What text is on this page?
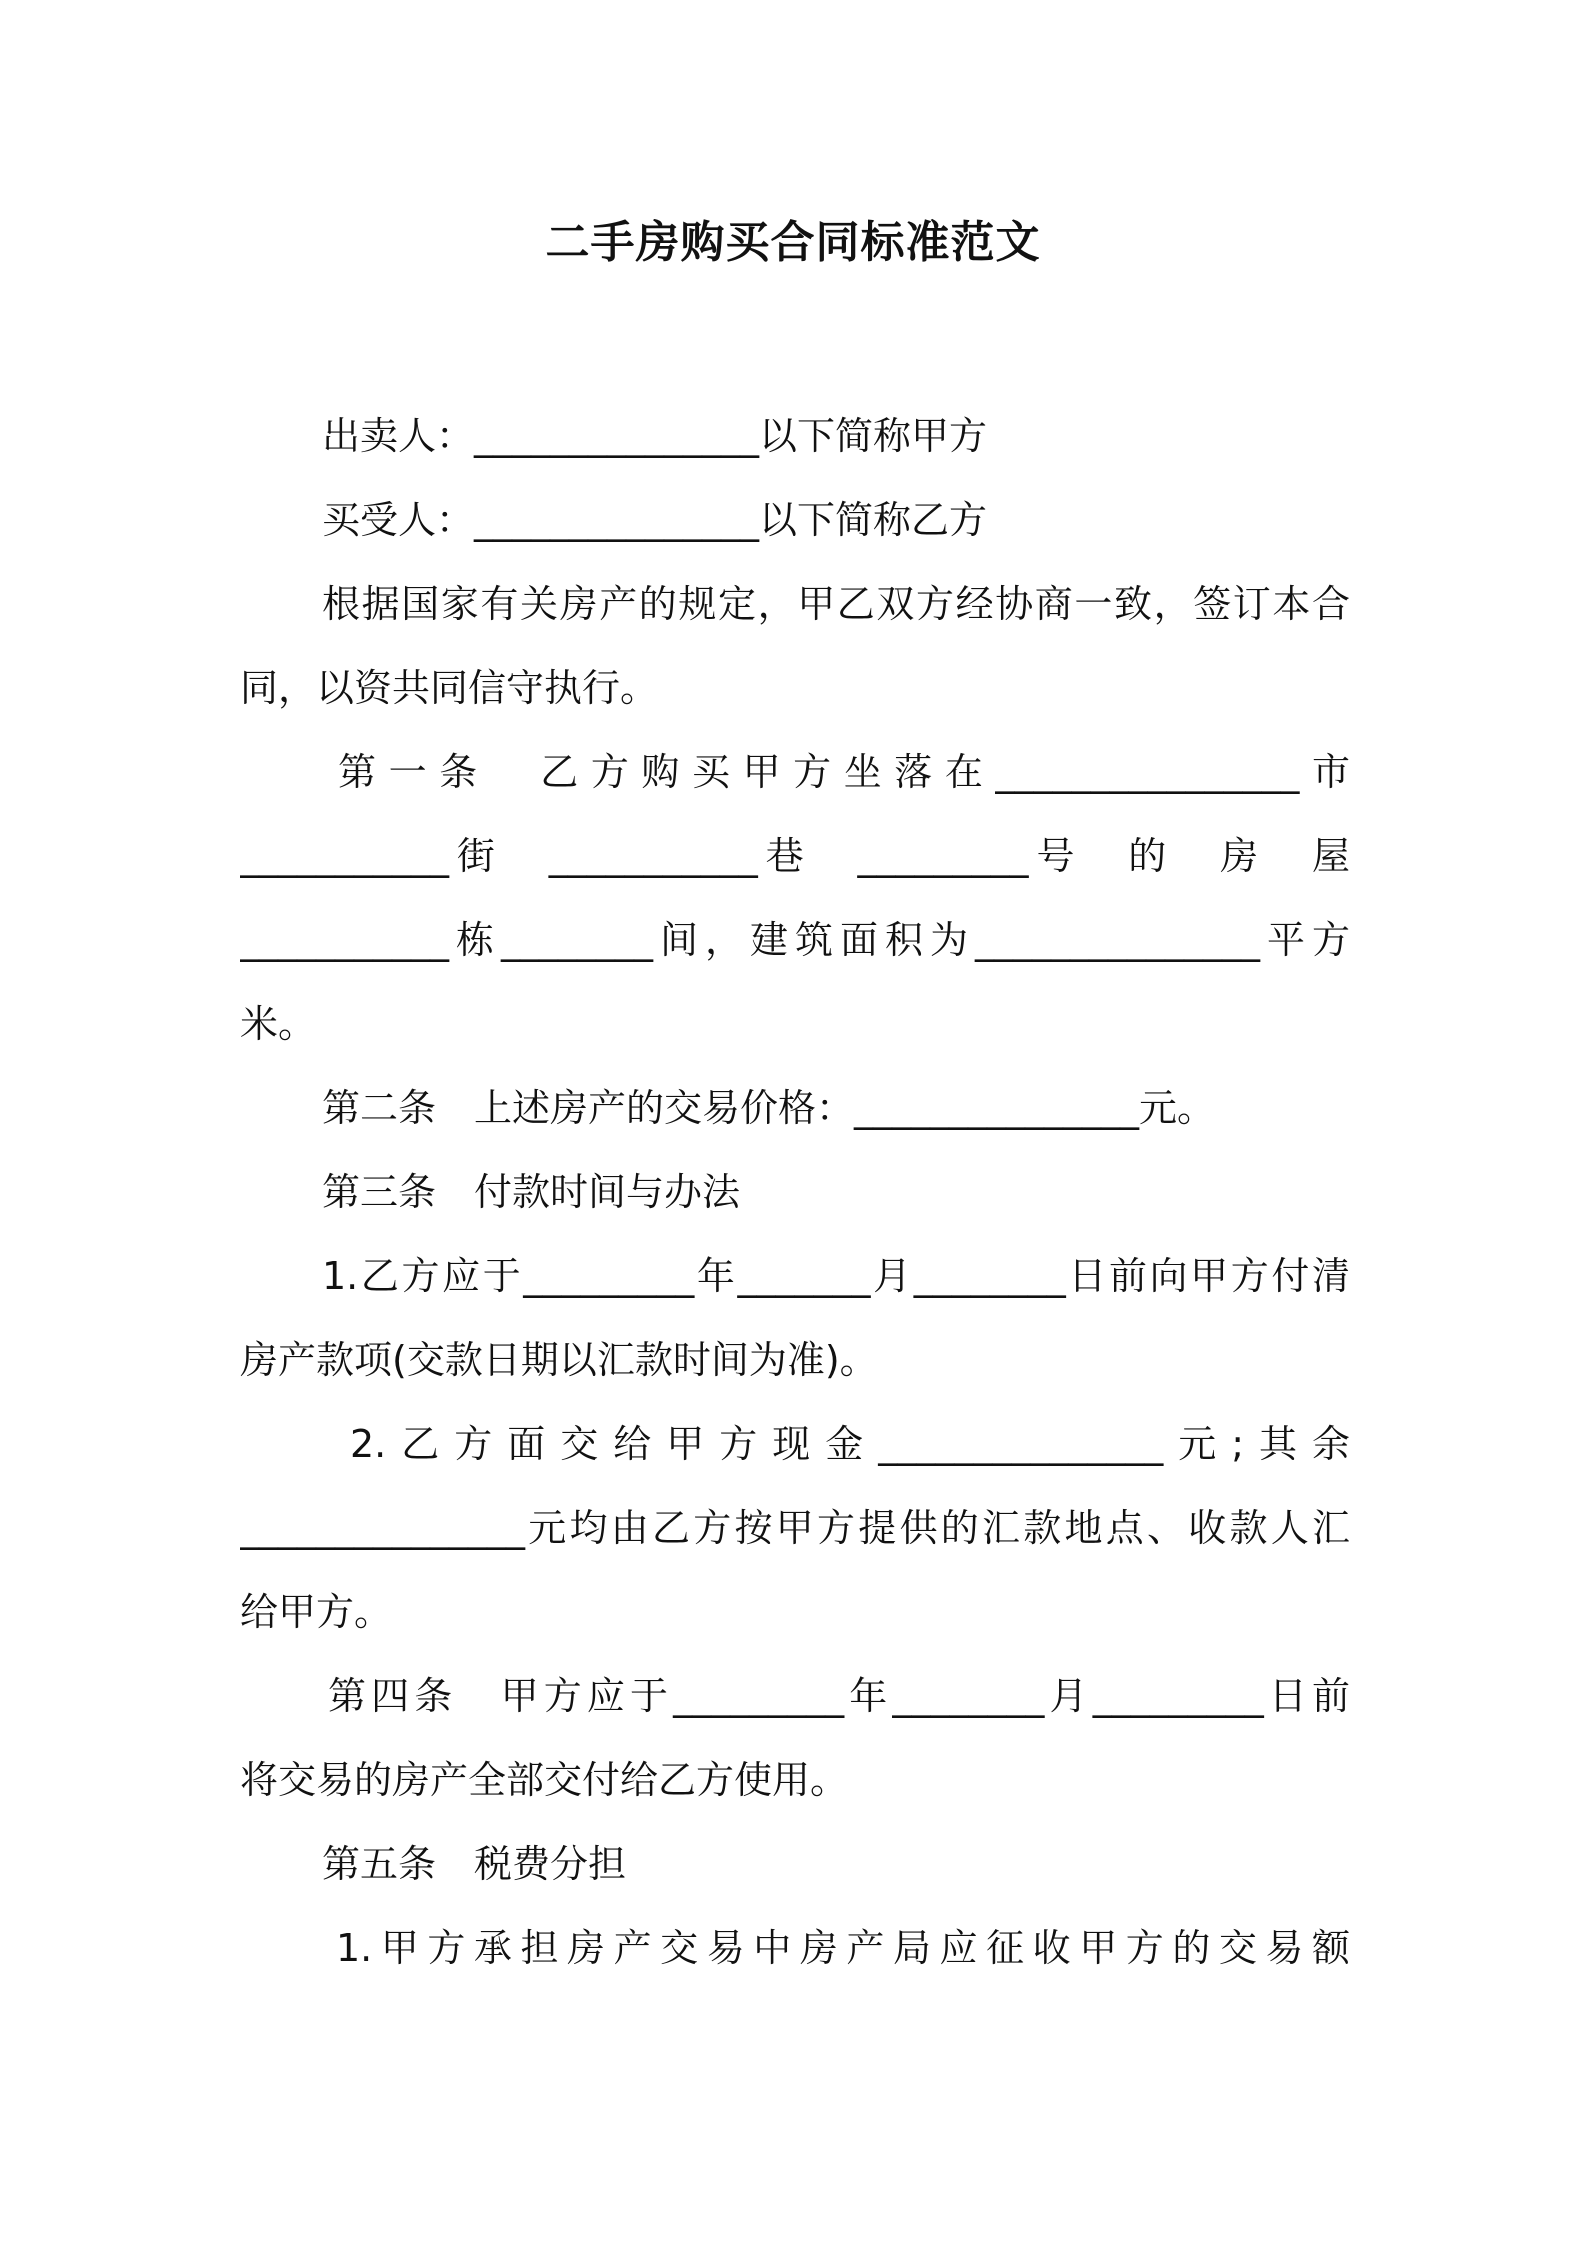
二手房购买合同标准范文
出卖人：_______________以下简称甲方
买受人：_______________以下简称乙方
根据国家有关房产的规定，甲乙双方经协商一致，签订本合
同，以资共同信守执行。
第一条　乙方购买甲方坐落在________________市
___________街　___________巷　_________号　的　房　屋
___________栋________间，建筑面积为_______________平方
米。
第二条　上述房产的交易价格：_______________元。
第三条　付款时间与办法
1.乙方应于_________年_______月________日前向甲方付清
房产款项(交款日期以汇款时间为准)。
2.乙方面交给甲方现金_______________元;其余
_______________元均由乙方按甲方提供的汇款地点、收款人汇
给甲方。
第四条　甲方应于_________年________月_________日前
将交易的房产全部交付给乙方使用。
第五条　税费分担
1.甲方承担房产交易中房产局应征收甲方的交易额
